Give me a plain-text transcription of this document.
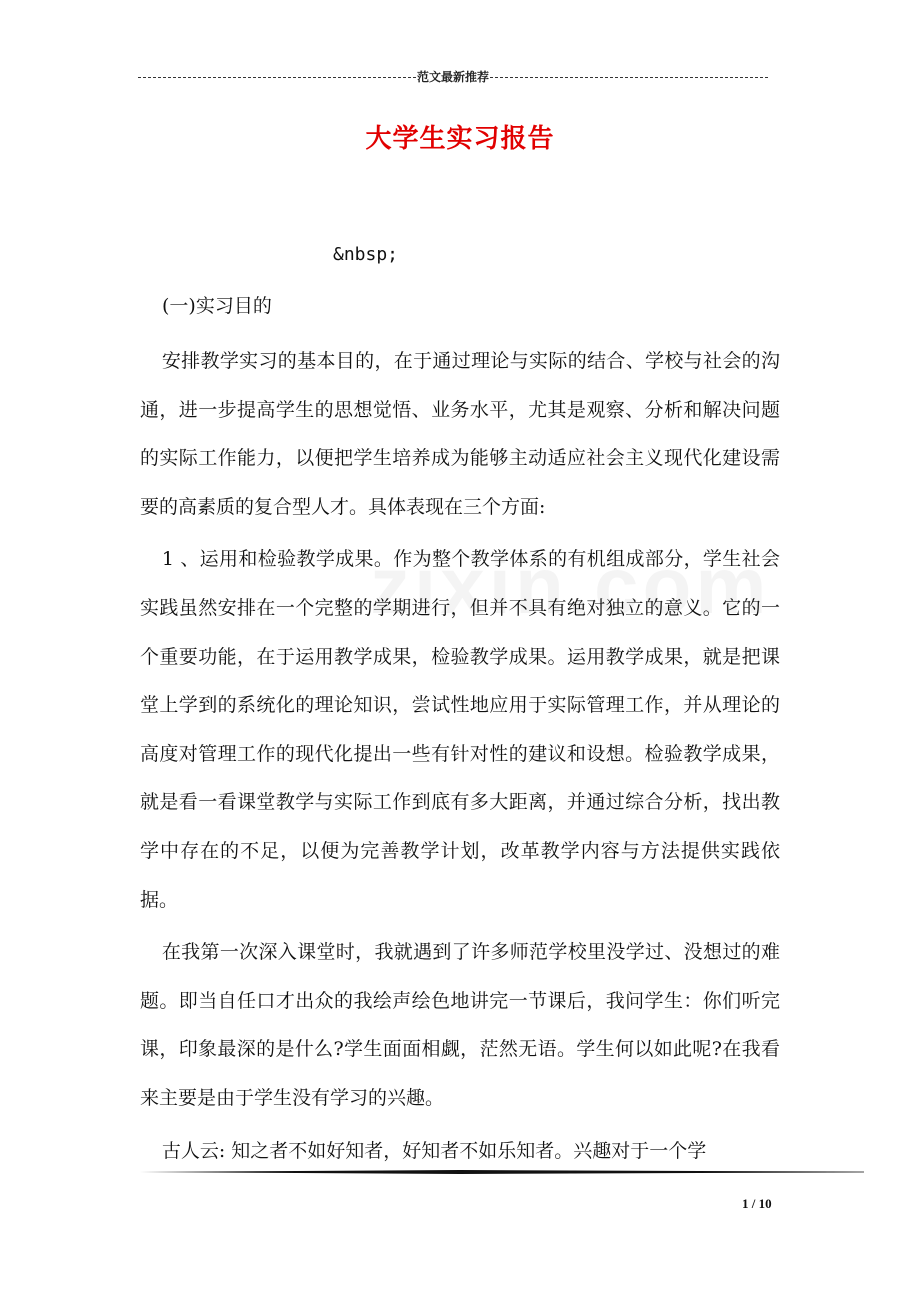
范文最新推荐
大学生实习报告
&nbsp;
(一)实习目的

安排教学实习的基本目的，在于通过理论与实际的结合、学校与社会的沟通，进一步提高学生的思想觉悟、业务水平，尤其是观察、分析和解决问题的实际工作能力，以便把学生培养成为能够主动适应社会主义现代化建设需要的高素质的复合型人才。具体表现在三个方面:

1 、运用和检验教学成果。作为整个教学体系的有机组成部分，学生社会实践虽然安排在一个完整的学期进行，但并不具有绝对独立的意义。它的一个重要功能，在于运用教学成果，检验教学成果。运用教学成果，就是把课堂上学到的系统化的理论知识，尝试性地应用于实际管理工作，并从理论的高度对管理工作的现代化提出一些有针对性的建议和设想。检验教学成果，就是看一看课堂教学与实际工作到底有多大距离，并通过综合分析，找出教学中存在的不足，以便为完善教学计划，改革教学内容与方法提供实践依据。

在我第一次深入课堂时，我就遇到了许多师范学校里没学过、没想过的难题。即当自任口才出众的我绘声绘色地讲完一节课后，我问学生：你们听完课，印象最深的是什么?学生面面相觑，茫然无语。学生何以如此呢?在我看来主要是由于学生没有学习的兴趣。

古人云: 知之者不如好知者，好知者不如乐知者。兴趣对于一个学

1 / 10
